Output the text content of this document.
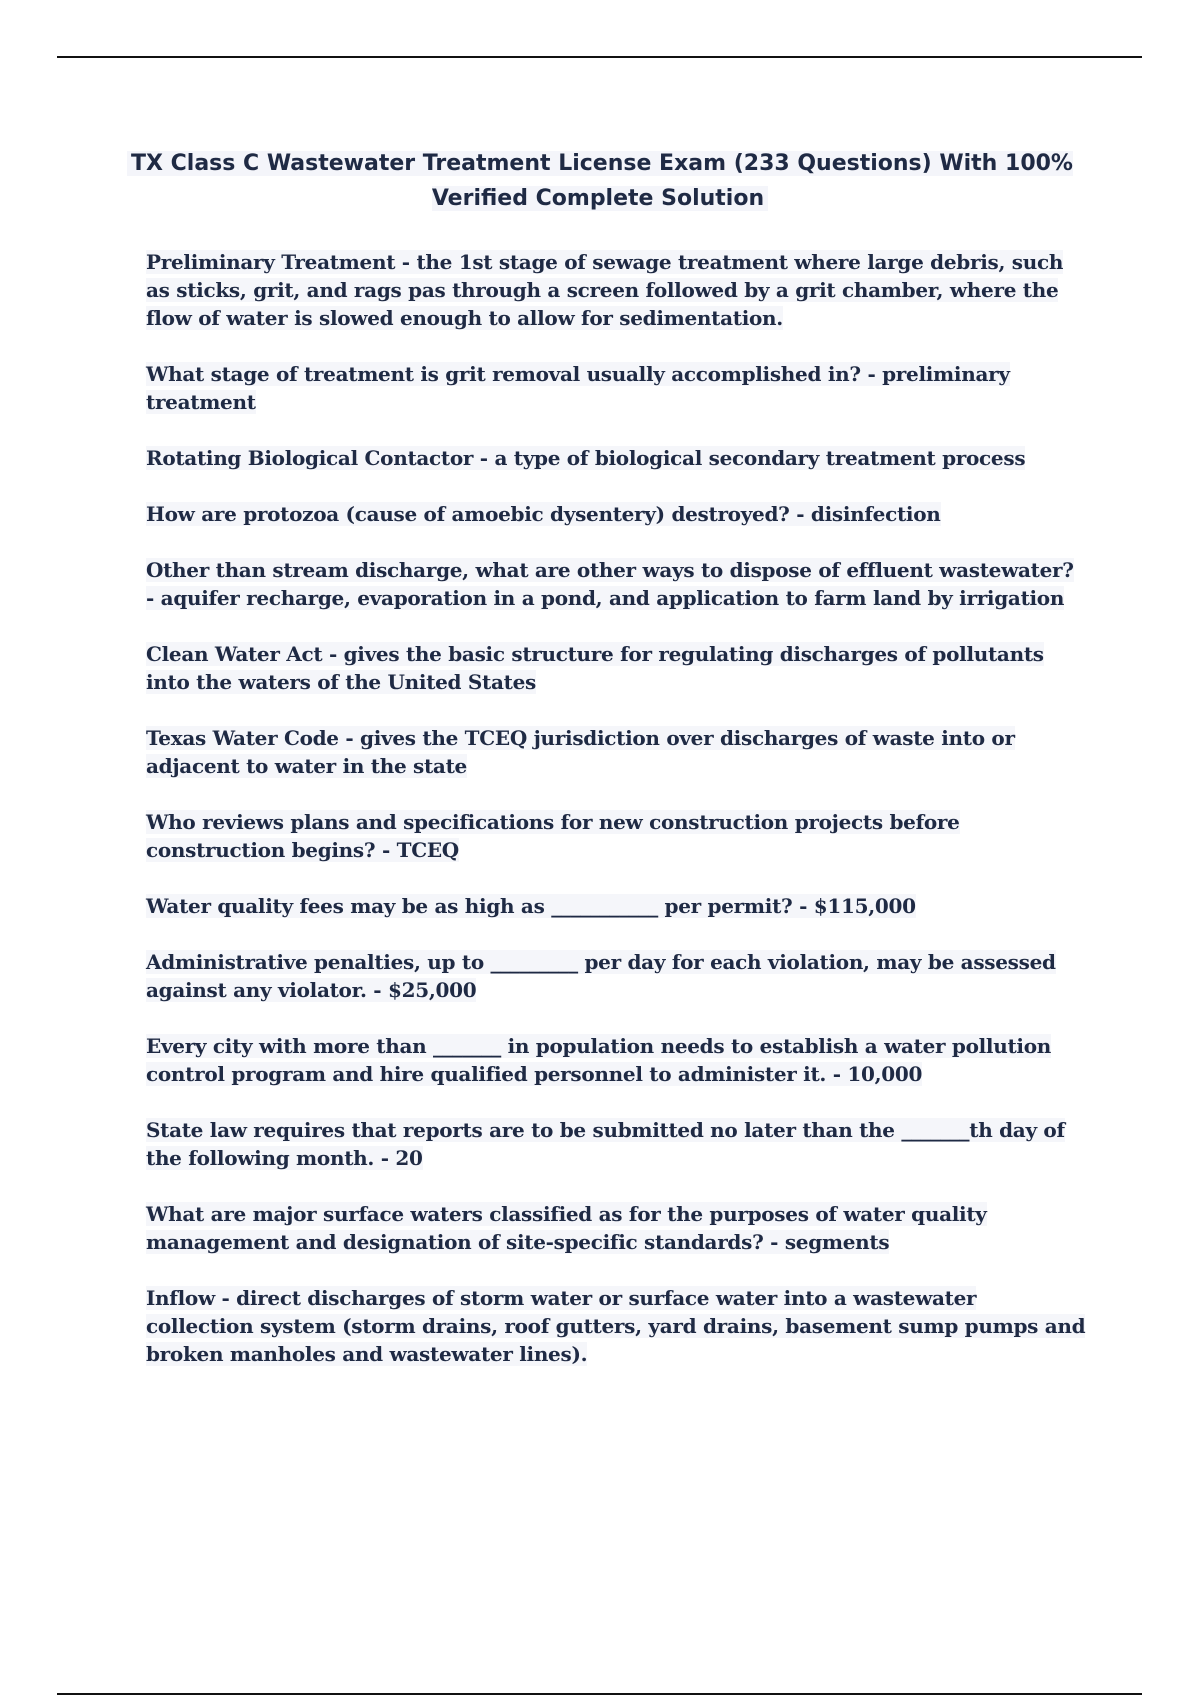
TX Class C Wastewater Treatment License Exam (233 Questions) With 100% Verified Complete Solution

Preliminary Treatment - the 1st stage of sewage treatment where large debris, such as sticks, grit, and rags pas through a screen followed by a grit chamber, where the flow of water is slowed enough to allow for sedimentation.

What stage of treatment is grit removal usually accomplished in? - preliminary treatment

Rotating Biological Contactor - a type of biological secondary treatment process

How are protozoa (cause of amoebic dysentery) destroyed? - disinfection

Other than stream discharge, what are other ways to dispose of effluent wastewater? - aquifer recharge, evaporation in a pond, and application to farm land by irrigation

Clean Water Act - gives the basic structure for regulating discharges of pollutants into the waters of the United States

Texas Water Code - gives the TCEQ jurisdiction over discharges of waste into or adjacent to water in the state

Who reviews plans and specifications for new construction projects before construction begins? - TCEQ

Water quality fees may be as high as ___________ per permit? - $115,000

Administrative penalties, up to _________ per day for each violation, may be assessed against any violator. - $25,000

Every city with more than _______ in population needs to establish a water pollution control program and hire qualified personnel to administer it. - 10,000

State law requires that reports are to be submitted no later than the _______th day of the following month. - 20

What are major surface waters classified as for the purposes of water quality management and designation of site-specific standards? - segments

Inflow - direct discharges of storm water or surface water into a wastewater collection system (storm drains, roof gutters, yard drains, basement sump pumps and broken manholes and wastewater lines).
